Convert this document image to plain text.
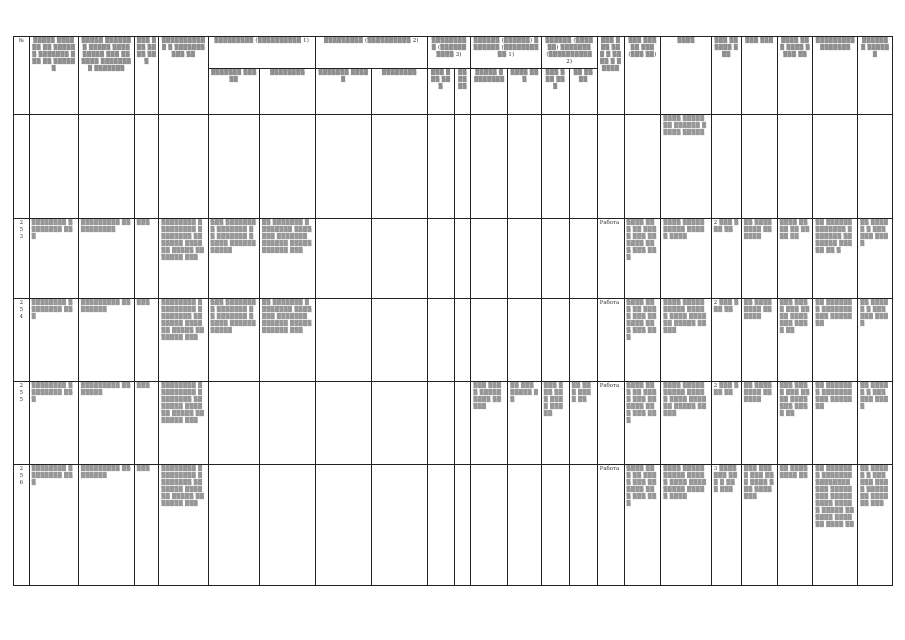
№	▒▒▒▒▒ ▒▒▒▒▒▒ ▒▒ ▒▒▒▒▒▒ ▒▒▒▒▒▒▒ ▒▒▒ ▒▒ ▒▒▒▒▒▒	▒▒▒▒▒ ▒▒▒▒▒▒▒ ▒▒▒▒▒ ▒▒▒▒▒▒▒▒▒ ▒▒▒ ▒▒▒▒▒▒ ▒▒▒▒▒▒▒▒ ▒▒▒▒▒▒▒	▒▒▒ ▒▒▒ ▒▒▒▒ ▒▒▒	▒▒▒▒▒▒▒▒▒▒▒ ▒ ▒▒▒▒▒▒▒▒▒▒ ▒▒	▒▒▒▒▒▒▒▒▒ (▒▒▒▒▒▒▒▒▒▒ 1)		▒▒▒▒▒▒▒▒▒ (▒▒▒▒▒▒▒▒▒▒ 2)		▒▒▒▒▒▒▒▒▒ (▒▒▒▒▒▒▒▒▒▒ 3)		▒▒▒▒▒▒ (▒▒▒▒▒▒) ▒▒▒▒▒▒▒ (▒▒▒▒▒▒▒▒▒▒ 1)		▒▒▒▒▒▒ (▒▒▒▒▒▒) ▒▒▒▒▒▒▒ (▒▒▒▒▒▒▒▒▒▒ 2)		▒▒▒ ▒▒▒ ▒▒▒ ▒ ▒▒▒▒ ▒ ▒▒▒▒▒	▒▒▒ ▒▒▒ ▒▒ ▒▒▒ (▒▒▒ ▒▒)	▒▒▒▒	▒▒▒ ▒▒ ▒▒▒▒ ▒▒▒	▒▒▒ ▒▒▒	▒▒▒▒ ▒▒▒ ▒▒▒▒ ▒▒▒▒ ▒▒	▒▒▒▒▒▒▒▒▒ ▒▒▒▒▒▒▒	▒▒▒▒▒▒▒ ▒▒▒▒▒▒
					▒▒▒▒▒▒▒ ▒▒▒▒▒	▒▒▒▒▒▒▒▒	▒▒▒▒▒▒▒ ▒▒▒▒▒	▒▒▒▒▒▒▒▒	▒▒▒ ▒▒▒ ▒▒▒	▒▒ ▒▒ ▒▒	▒▒▒▒▒ ▒▒▒▒▒▒▒▒	▒▒▒▒ ▒▒▒	▒▒▒ ▒▒▒ ▒▒▒	▒▒ ▒▒ ▒▒								
																	▒▒▒▒ ▒▒▒▒▒▒▒ ▒▒▒▒▒▒ ▒▒▒▒▒ ▒▒▒▒▒					
2
5
3	▒▒▒▒▒▒▒▒ ▒▒▒▒▒▒▒▒ ▒▒▒	▒▒▒▒▒▒▒▒▒ ▒▒▒▒▒▒▒▒▒▒	▒▒▒	▒▒▒▒▒▒▒▒ ▒▒▒▒▒▒▒▒▒ ▒▒▒▒▒▒▒▒ ▒▒▒▒▒▒▒ ▒▒▒▒▒▒ ▒▒▒▒▒ ▒▒▒▒▒▒▒ ▒▒▒	▒▒▒ ▒▒▒▒▒▒▒ ▒ ▒▒▒▒▒▒▒ ▒▒ ▒▒▒▒▒▒▒ ▒ ▒▒▒▒ ▒▒▒▒▒▒ ▒▒▒▒▒	▒▒ ▒▒▒▒▒▒▒ ▒▒▒▒▒▒▒▒ ▒▒▒▒▒▒▒ ▒▒▒▒▒▒▒ ▒▒▒▒▒▒ ▒▒▒▒▒ ▒▒▒▒▒▒ ▒▒▒									Работа	▒▒▒▒ ▒▒▒ ▒▒ ▒▒▒▒ ▒▒▒ ▒▒ ▒▒▒▒ ▒▒▒ ▒▒▒ ▒▒▒	▒▒▒▒ ▒▒▒▒▒ ▒▒▒▒▒ ▒▒▒▒▒ ▒▒▒▒	2 ▒▒▒ ▒▒▒ ▒▒	▒▒ ▒▒▒▒ ▒▒▒▒ ▒▒ ▒▒▒▒	▒▒▒▒ ▒▒▒▒ ▒▒ ▒▒▒▒ ▒▒	▒▒ ▒▒▒▒▒▒ ▒▒▒▒▒▒▒ ▒▒▒▒▒▒▒ ▒▒▒▒▒▒▒ ▒▒▒▒▒ ▒▒ ▒	▒▒ ▒▒▒▒▒ ▒ ▒▒▒▒▒▒ ▒▒▒▒
2
5
4	▒▒▒▒▒▒▒▒ ▒▒▒▒▒▒▒▒ ▒▒▒	▒▒▒▒▒▒▒▒▒ ▒▒▒▒▒▒▒▒	▒▒▒	▒▒▒▒▒▒▒▒ ▒▒▒▒▒▒▒▒▒ ▒▒▒▒▒▒▒▒ ▒▒▒▒▒▒▒ ▒▒▒▒▒▒ ▒▒▒▒▒ ▒▒▒▒▒▒▒ ▒▒▒	▒▒▒ ▒▒▒▒▒▒▒ ▒ ▒▒▒▒▒▒▒ ▒▒ ▒▒▒▒▒▒▒ ▒ ▒▒▒▒ ▒▒▒▒▒▒ ▒▒▒▒▒	▒▒ ▒▒▒▒▒▒▒ ▒▒▒▒▒▒▒▒ ▒▒▒▒▒▒▒ ▒▒▒▒▒▒▒ ▒▒▒▒▒▒ ▒▒▒▒▒ ▒▒▒▒▒▒ ▒▒▒									Работа	▒▒▒▒ ▒▒▒ ▒▒ ▒▒▒▒ ▒▒▒ ▒▒ ▒▒▒▒ ▒▒▒ ▒▒▒ ▒▒▒	▒▒▒▒ ▒▒▒▒▒ ▒▒▒▒▒ ▒▒▒▒▒ ▒▒▒▒ ▒▒▒▒▒▒ ▒▒▒▒▒ ▒▒▒▒▒	2 ▒▒▒ ▒▒▒ ▒▒	▒▒ ▒▒▒▒ ▒▒▒▒ ▒▒ ▒▒▒▒	▒▒▒ ▒▒▒▒ ▒▒▒ ▒▒▒▒ ▒▒▒▒ ▒▒▒ ▒▒▒▒ ▒▒	▒▒ ▒▒▒▒▒▒▒ ▒▒▒▒▒▒▒ ▒▒▒ ▒▒▒▒▒ ▒▒	▒▒ ▒▒▒▒▒ ▒ ▒▒▒▒▒▒ ▒▒▒▒
2
5
5	▒▒▒▒▒▒▒▒ ▒▒▒▒▒▒▒▒ ▒▒▒	▒▒▒▒▒▒▒▒▒ ▒▒▒▒▒▒▒	▒▒▒	▒▒▒▒▒▒▒▒ ▒▒▒▒▒▒▒▒▒ ▒▒▒▒▒▒▒▒ ▒▒▒▒▒▒▒ ▒▒▒▒▒▒ ▒▒▒▒▒ ▒▒▒▒▒▒▒ ▒▒▒							▒▒▒ ▒▒▒▒ ▒▒▒▒▒ ▒▒▒▒ ▒▒▒▒▒	▒▒ ▒▒▒ ▒▒▒▒▒ ▒▒	▒▒▒ ▒▒▒ ▒▒▒ ▒▒▒▒ ▒▒▒▒▒	▒▒ ▒▒▒ ▒▒▒▒ ▒▒	Работа	▒▒▒▒ ▒▒▒ ▒▒ ▒▒▒▒ ▒▒▒ ▒▒ ▒▒▒▒ ▒▒▒ ▒▒▒ ▒▒▒	▒▒▒▒ ▒▒▒▒▒ ▒▒▒▒▒ ▒▒▒▒▒ ▒▒▒▒ ▒▒▒▒▒▒ ▒▒▒▒▒ ▒▒▒▒▒	2 ▒▒▒ ▒▒▒ ▒▒	▒▒ ▒▒▒▒ ▒▒▒▒ ▒▒ ▒▒▒▒	▒▒▒ ▒▒▒▒ ▒▒▒ ▒▒▒▒ ▒▒▒▒ ▒▒▒ ▒▒▒▒ ▒▒	▒▒ ▒▒▒▒▒▒▒ ▒▒▒▒▒▒▒ ▒▒▒ ▒▒▒▒▒ ▒▒	▒▒ ▒▒▒▒▒ ▒ ▒▒▒▒▒▒ ▒▒▒▒
2
5
6	▒▒▒▒▒▒▒▒ ▒▒▒▒▒▒▒▒ ▒▒▒	▒▒▒▒▒▒▒▒▒ ▒▒▒▒▒▒▒▒	▒▒▒	▒▒▒▒▒▒▒▒ ▒▒▒▒▒▒▒▒▒ ▒▒▒▒▒▒▒▒ ▒▒▒▒▒▒▒ ▒▒▒▒▒▒ ▒▒▒▒▒ ▒▒▒▒▒▒▒ ▒▒▒											Работа	▒▒▒▒ ▒▒▒ ▒▒ ▒▒▒▒ ▒▒▒ ▒▒ ▒▒▒▒ ▒▒▒ ▒▒▒ ▒▒▒	▒▒▒▒ ▒▒▒▒▒ ▒▒▒▒▒ ▒▒▒▒▒ ▒▒▒▒ ▒▒▒▒ ▒▒▒▒▒ ▒▒▒▒▒ ▒▒▒▒	3 ▒▒▒▒ ▒▒▒ ▒▒▒ ▒ ▒▒▒ ▒▒▒	▒▒▒ ▒▒▒▒ ▒▒▒ ▒▒▒ ▒▒▒▒ ▒▒▒ ▒▒▒▒ ▒▒▒	▒▒ ▒▒▒▒ ▒▒▒▒ ▒▒	▒▒ ▒▒▒▒▒▒▒ ▒▒▒▒▒▒▒ ▒▒▒▒▒▒▒▒ ▒▒▒ ▒▒▒▒▒ ▒▒▒ ▒▒▒▒▒ ▒▒▒▒ ▒▒▒▒▒ ▒▒▒▒▒ ▒▒▒▒▒▒ ▒▒▒▒▒▒ ▒▒▒▒ ▒▒	▒▒ ▒▒▒▒▒ ▒ ▒▒▒▒▒▒ ▒▒▒ ▒ ▒▒▒▒▒▒▒ ▒▒▒▒▒▒ ▒▒▒
